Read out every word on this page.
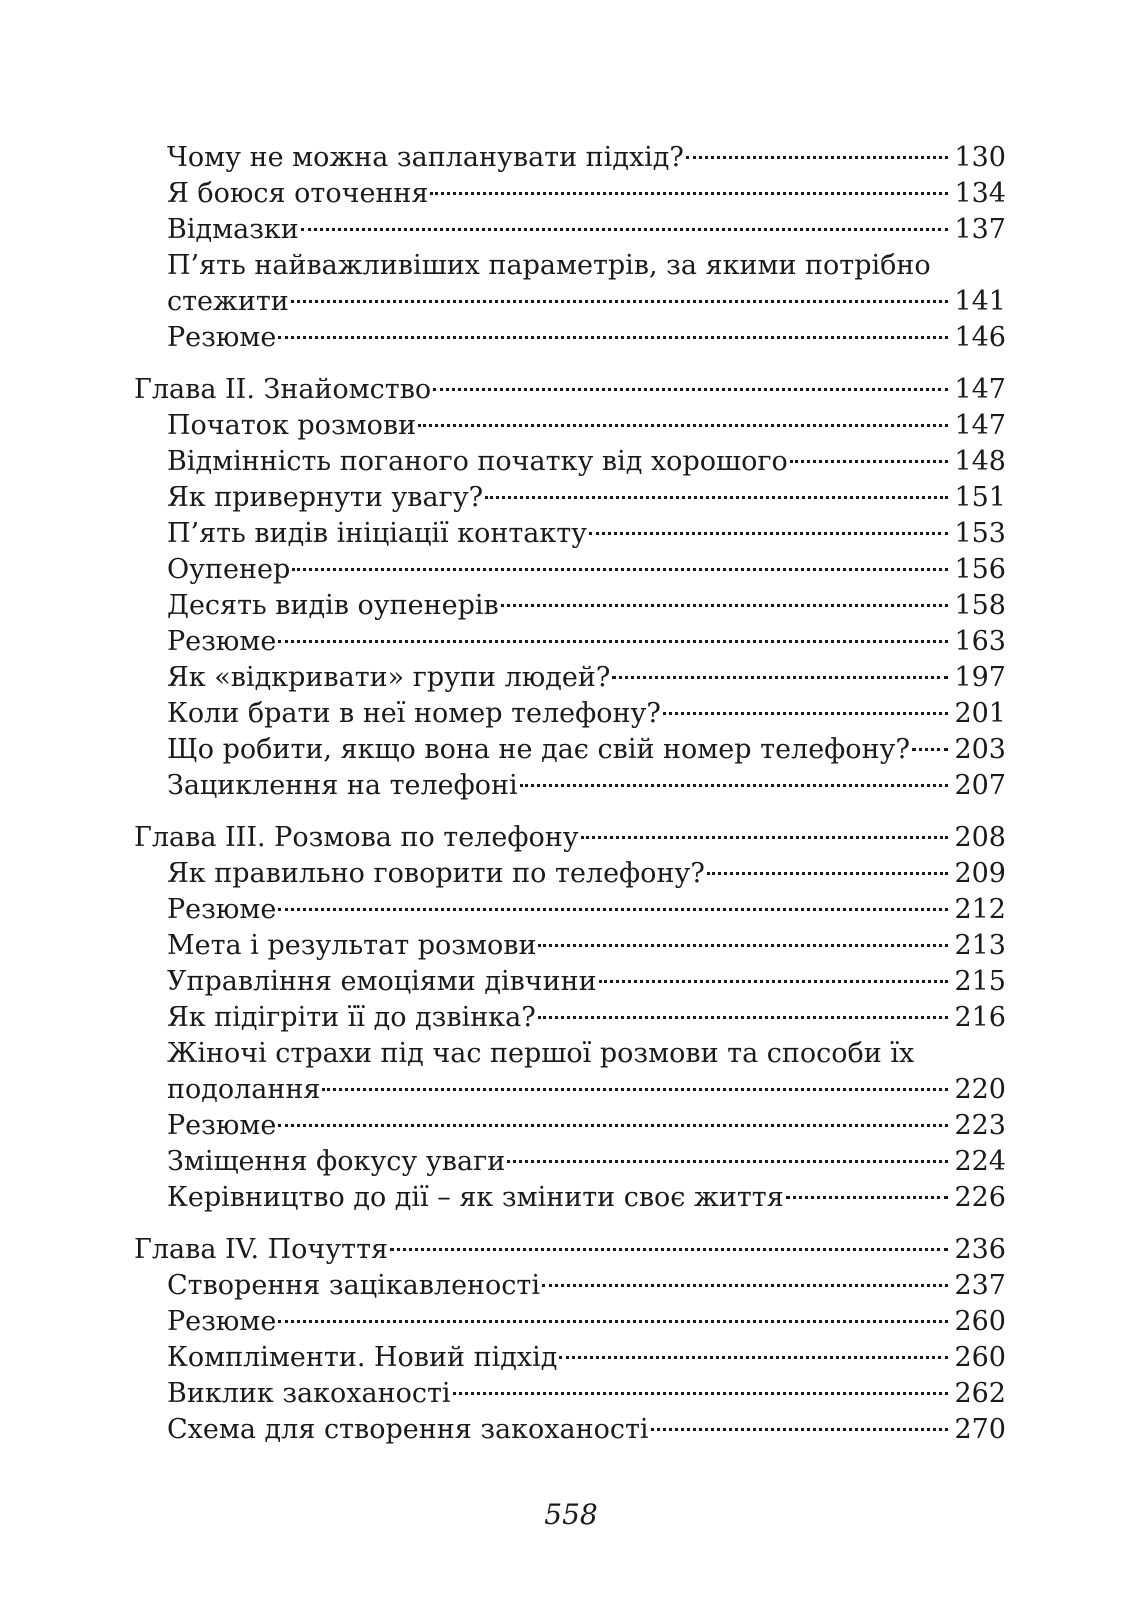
Чому не можна запланувати підхід?	130
Я боюся оточення	134
Відмазки	137
П’ять найважливіших параметрів, за якими потрібно
стежити	141
Резюме	146
Глава II. Знайомство	147
Початок розмови	147
Відмінність поганого початку від хорошого	148
Як привернути увагу?	151
П’ять видів ініціації контакту	153
Оупенер	156
Десять видів оупенерів	158
Резюме	163
Як «відкривати» групи людей?	197
Коли брати в неї номер телефону?	201
Що робити, якщо вона не дає свій номер телефону? 203
Зациклення на телефоні	207
Глава III. Розмова по телефону	208
Як правильно говорити по телефону?	209
Резюме	212
Мета і результат розмови	213
Управління емоціями дівчини	215
Як підігріти її до дзвінка?	216
Жіночі страхи під час першої розмови та способи їх
подолання	220
Резюме	223
Зміщення фокусу уваги	224
Керівництво до дії – як змінити своє життя	226
Глава IV. Почуття	236
Створення зацікавленості	237
Резюме	260
Компліменти. Новий підхід	260
Виклик закоханості	262
Схема для створення закоханості	270
558
